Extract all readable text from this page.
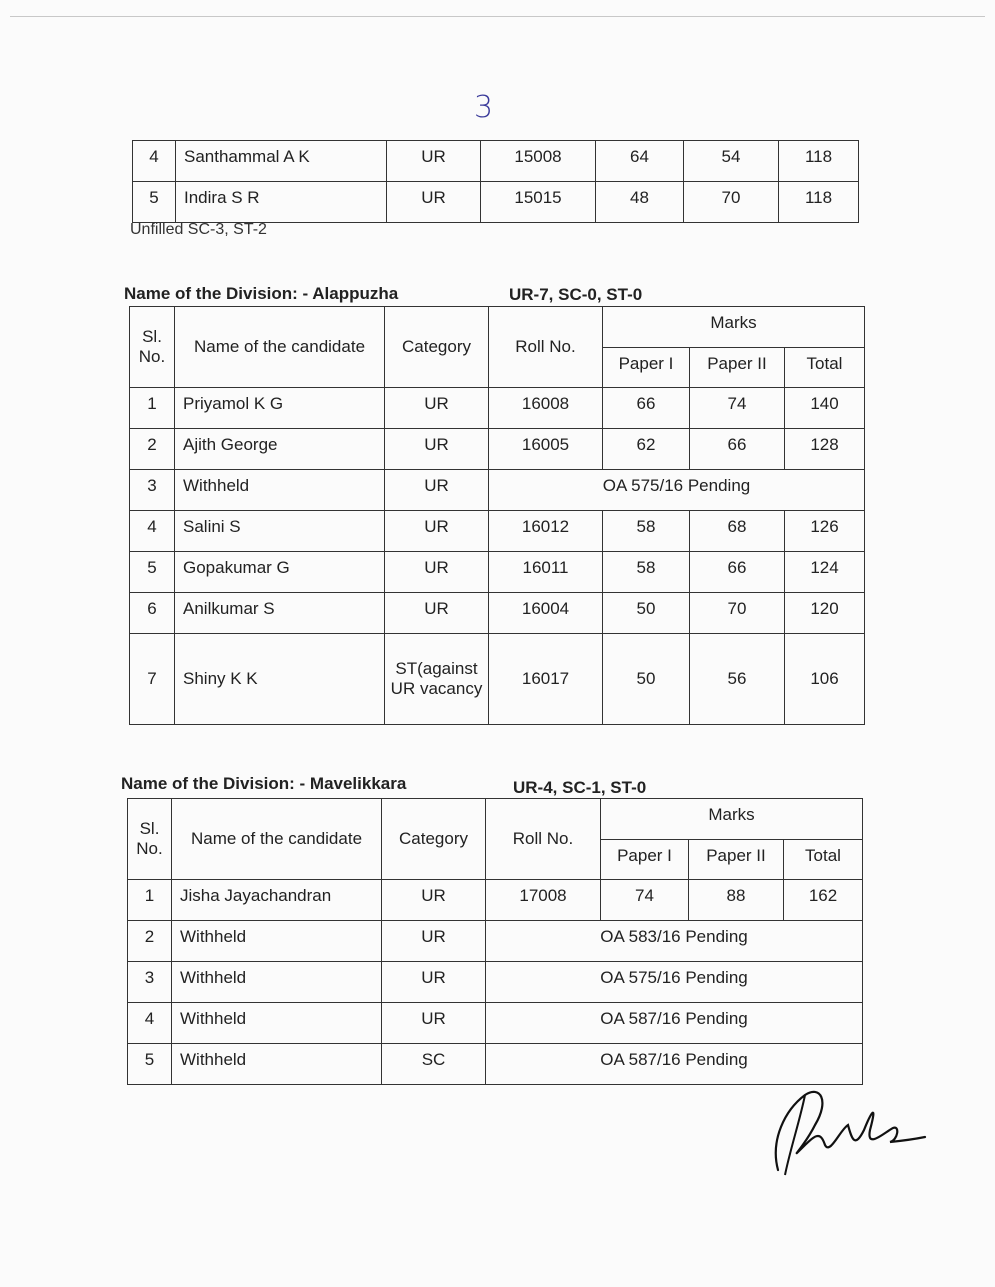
3
4	Santhammal A K	UR	15008	64	54	118
5	Indira S R	UR	15015	48	70	118
Unfilled SC-3, ST-2
Name of the Division: - Alappuzha	UR-7, SC-0, ST-0
Sl. No.	Name of the candidate	Category	Roll No.	Marks		
				Paper I	Paper II	Total
1	Priyamol K G	UR	16008	66	74	140
2	Ajith George	UR	16005	62	66	128
3	Withheld	UR	OA 575/16 Pending			
4	Salini S	UR	16012	58	68	126
5	Gopakumar G	UR	16011	58	66	124
6	Anilkumar S	UR	16004	50	70	120
7	Shiny K K	ST(against UR vacancy	16017	50	56	106
Name of the Division: - Mavelikkara	UR-4, SC-1, ST-0
Sl. No.	Name of the candidate	Category	Roll No.	Marks		
				Paper I	Paper II	Total
1	Jisha Jayachandran	UR	17008	74	88	162
2	Withheld	UR	OA 583/16 Pending			
3	Withheld	UR	OA 575/16 Pending			
4	Withheld	UR	OA 587/16 Pending			
5	Withheld	SC	OA 587/16 Pending			
